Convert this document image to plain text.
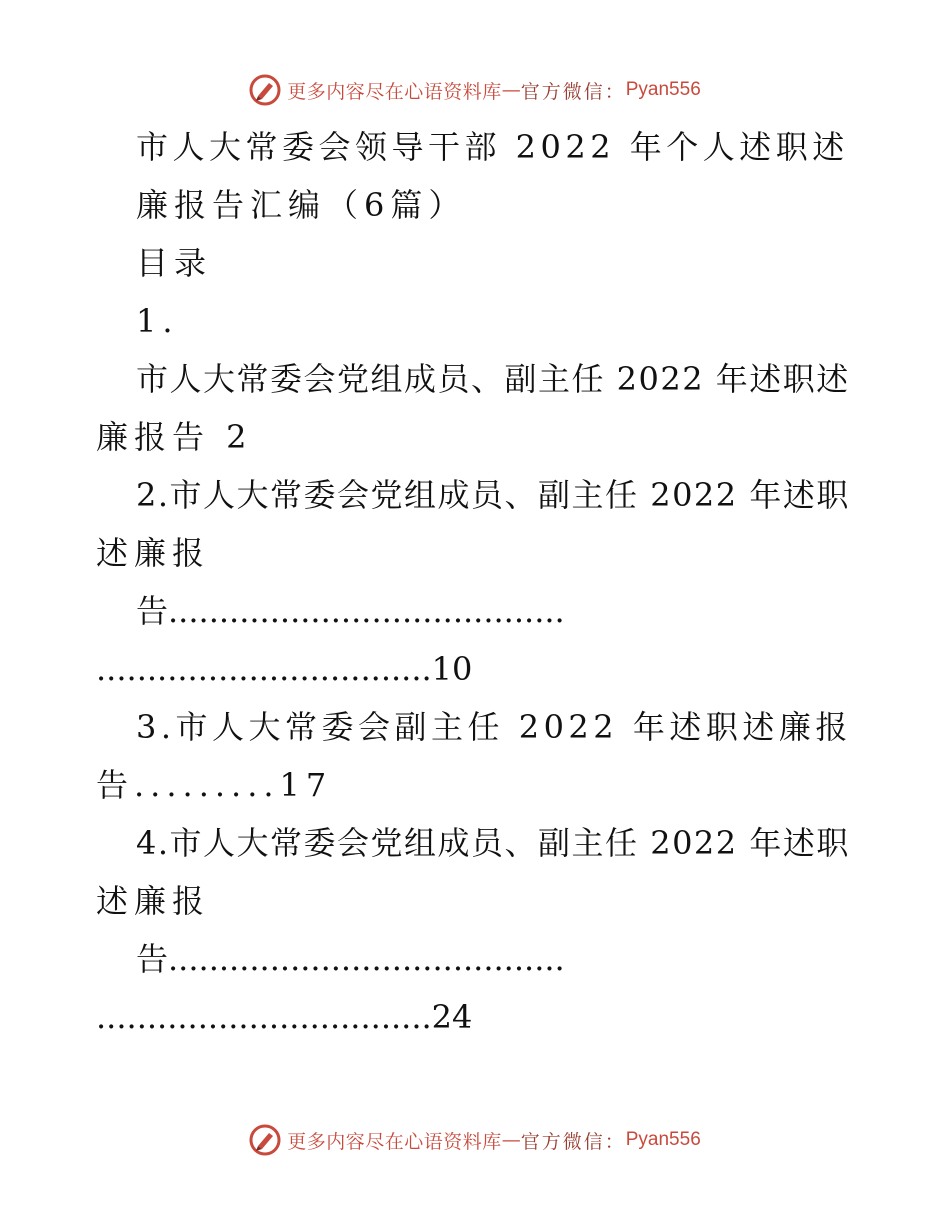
更多内容尽在心语资料库 — 官方微信： Pyan556
市人大常委会领导干部 2022 年个人述职述
廉报告汇编（6篇）
目录
1.
市人大常委会党组成员、副主任 2022 年述职述
廉报告 2
2.市人大常委会党组成员、副主任 2022 年述职
述廉报
告.......................................
.................................10
3.市人大常委会副主任 2022 年述职述廉报
告.........17
4.市人大常委会党组成员、副主任 2022 年述职
述廉报
告.......................................
.................................24
更多内容尽在心语资料库 — 官方微信： Pyan556
